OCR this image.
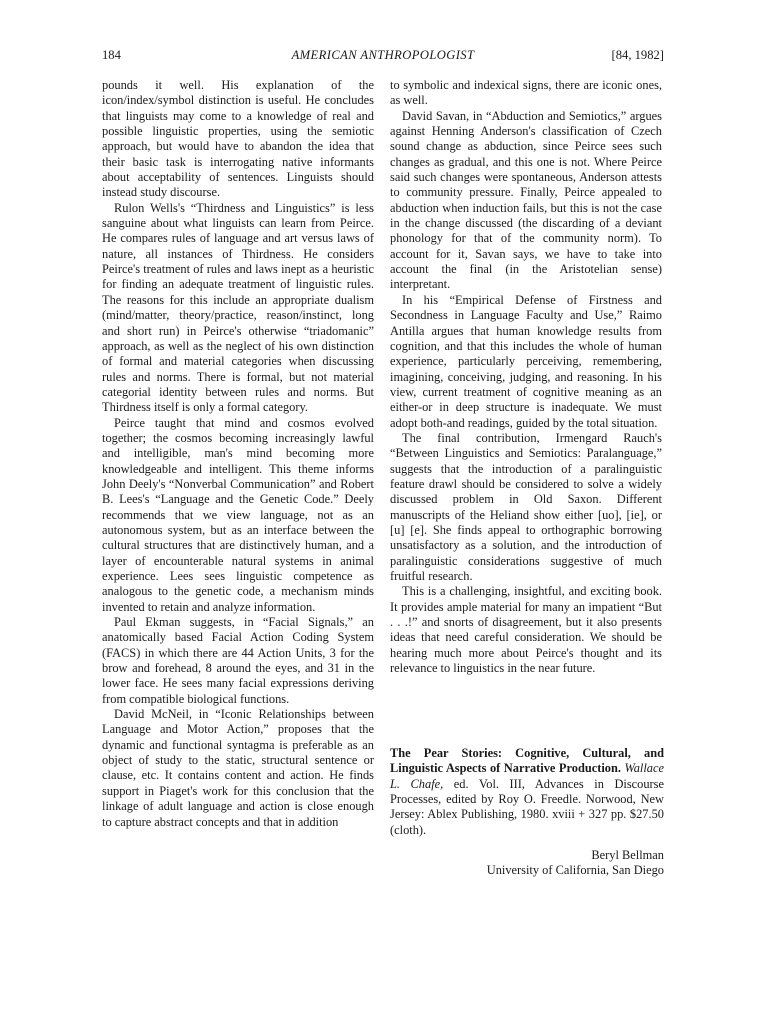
184	AMERICAN ANTHROPOLOGIST	[84, 1982]

pounds it well. His explanation of the icon/index/symbol distinction is useful. He concludes that linguists may come to a knowledge of real and possible linguistic properties, using the semiotic approach, but would have to abandon the idea that their basic task is interrogating native informants about acceptability of sentences. Linguists should instead study discourse.

Rulon Wells's “Thirdness and Linguistics” is less sanguine about what linguists can learn from Peirce. He compares rules of language and art versus laws of nature, all instances of Thirdness. He considers Peirce's treatment of rules and laws inept as a heuristic for finding an adequate treatment of linguistic rules. The reasons for this include an appropriate dualism (mind/matter, theory/practice, reason/instinct, long and short run) in Peirce's otherwise “triadomanic” approach, as well as the neglect of his own distinction of formal and material categories when discussing rules and norms. There is formal, but not material categorial identity between rules and norms. But Thirdness itself is only a formal category.

Peirce taught that mind and cosmos evolved together; the cosmos becoming increasingly lawful and intelligible, man's mind becoming more knowledgeable and intelligent. This theme informs John Deely's “Nonverbal Communication” and Robert B. Lees's “Language and the Genetic Code.” Deely recommends that we view language, not as an autonomous system, but as an interface between the cultural structures that are distinctively human, and a layer of encounterable natural systems in animal experience. Lees sees linguistic competence as analogous to the genetic code, a mechanism minds invented to retain and analyze information.

Paul Ekman suggests, in “Facial Signals,” an anatomically based Facial Action Coding System (FACS) in which there are 44 Action Units, 3 for the brow and forehead, 8 around the eyes, and 31 in the lower face. He sees many facial expressions deriving from compatible biological functions.

David McNeil, in “Iconic Relationships between Language and Motor Action,” proposes that the dynamic and functional syntagma is preferable as an object of study to the static, structural sentence or clause, etc. It contains content and action. He finds support in Piaget's work for this conclusion that the linkage of adult language and action is close enough to capture abstract concepts and that in addition

to symbolic and indexical signs, there are iconic ones, as well.

David Savan, in “Abduction and Semiotics,” argues against Henning Anderson's classification of Czech sound change as abduction, since Peirce sees such changes as gradual, and this one is not. Where Peirce said such changes were spontaneous, Anderson attests to community pressure. Finally, Peirce appealed to abduction when induction fails, but this is not the case in the change discussed (the discarding of a deviant phonology for that of the community norm). To account for it, Savan says, we have to take into account the final (in the Aristotelian sense) interpretant.

In his “Empirical Defense of Firstness and Secondness in Language Faculty and Use,” Raimo Antilla argues that human knowledge results from cognition, and that this includes the whole of human experience, particularly perceiving, remembering, imagining, conceiving, judging, and reasoning. In his view, current treatment of cognitive meaning as an either-or in deep structure is inadequate. We must adopt both-and readings, guided by the total situation.

The final contribution, Irmengard Rauch's “Between Linguistics and Semiotics: Paralanguage,” suggests that the introduction of a paralinguistic feature drawl should be considered to solve a widely discussed problem in Old Saxon. Different manuscripts of the Heliand show either [uo], [ie], or [u] [e]. She finds appeal to orthographic borrowing unsatisfactory as a solution, and the introduction of paralinguistic considerations suggestive of much fruitful research.

This is a challenging, insightful, and exciting book. It provides ample material for many an impatient “But . . .!” and snorts of disagreement, but it also presents ideas that need careful consideration. We should be hearing much more about Peirce's thought and its relevance to linguistics in the near future.

The Pear Stories: Cognitive, Cultural, and Linguistic Aspects of Narrative Production. Wallace L. Chafe, ed. Vol. III, Advances in Discourse Processes, edited by Roy O. Freedle. Norwood, New Jersey: Ablex Publishing, 1980. xviii + 327 pp. $27.50 (cloth).
Beryl Bellman
University of California, San Diego
